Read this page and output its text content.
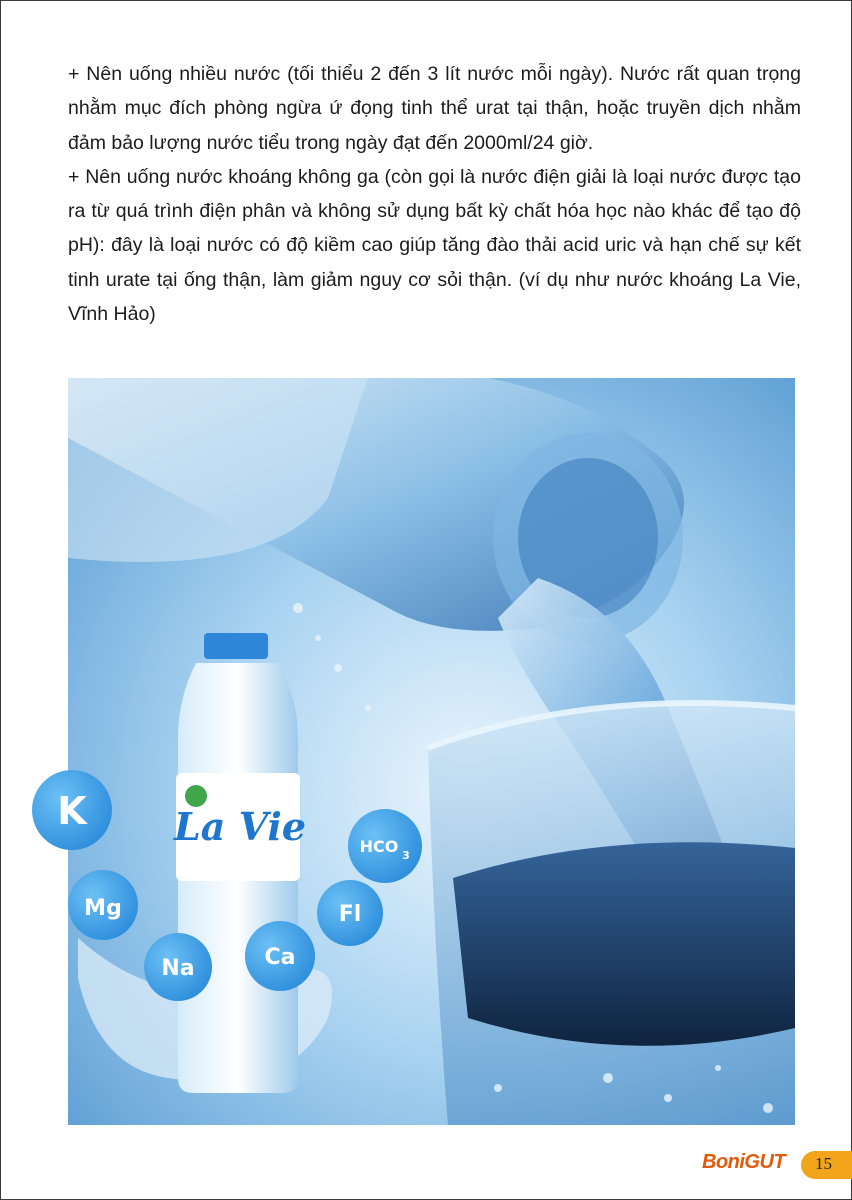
+ Nên uống nhiều nước (tối thiểu 2 đến 3 lít nước mỗi ngày). Nước rất quan trọng nhằm mục đích phòng ngừa ứ đọng tinh thể urat tại thận, hoặc truyền dịch nhằm đảm bảo lượng nước tiểu trong ngày đạt đến 2000ml/24 giờ.

+ Nên uống nước khoáng không ga (còn gọi là nước điện giải là loại nước được tạo ra từ quá trình điện phân và không sử dụng bất kỳ chất hóa học nào khác để tạo độ pH): đây là loại nước có độ kiềm cao giúp tăng đào thải acid uric và hạn chế sự kết tinh urate tại ống thận, làm giảm nguy cơ sỏi thận. (ví dụ như nước khoáng La Vie, Vĩnh Hảo)

La Vie
K
Mg
Na	Ca
Fl
HCO 3
BoniGUT 15
